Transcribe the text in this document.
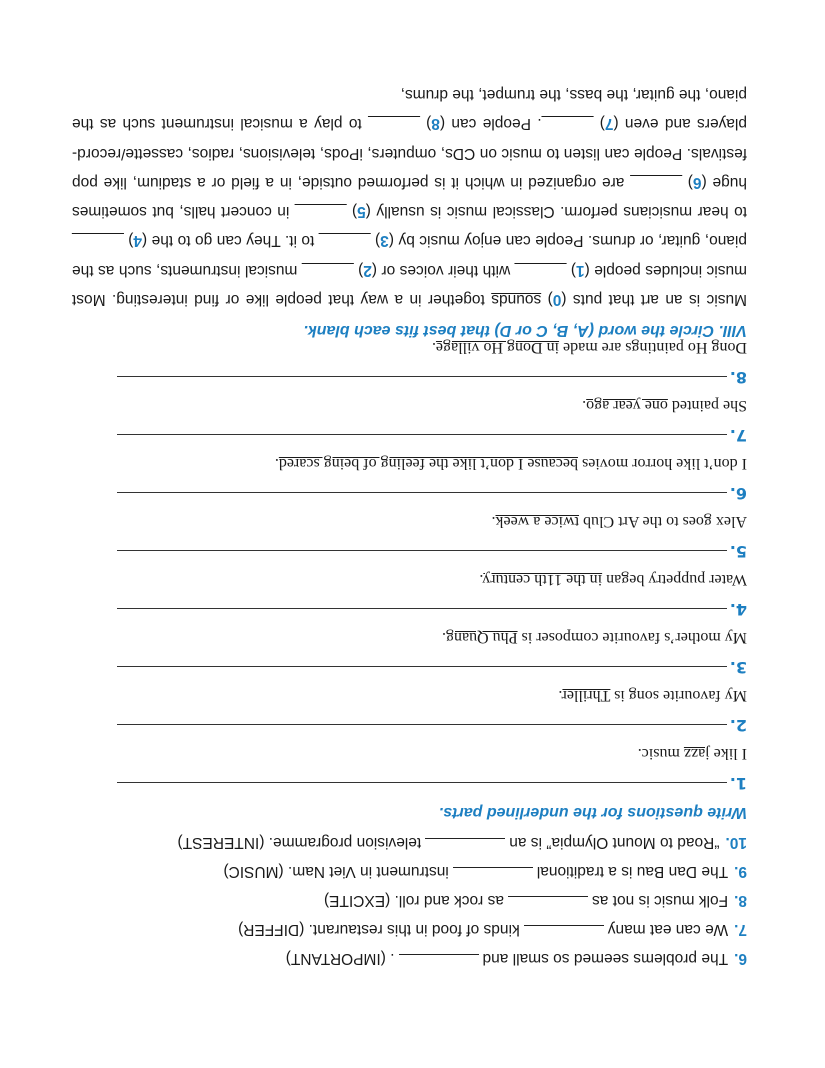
6.The problems seemed so small and. (IMPORTANT)
7.We can eat manykinds of food in this restaurant. (DIFFER)
8.Folk music is not asas rock and roll. (EXCITE)
9.The Dan Bau is a traditionalinstrument in Viet Nam. (MUSIC)
10.“Road to Mount Olympia” is antelevision programme. (INTEREST)
Write questions for the underlined parts.
1.
I like jazz music.
2.
My favourite song is Thriller.
3.
My mother’s favourite composer is Phu Quang.
4.
Water puppetry began in the 11th century.
5.
Alex goes to the Art Club twice a week.
6.
I don’t like horror movies because I don’t like the feeling of being scared.
7.
She painted one year ago.
8.
Dong Ho paintings are made in Dong Ho village.
VIII. Circle the word (A, B, C or D) that best fits each blank.
Music is an art that puts (0) sounds together in a way that people like or find interesting. Most music includes people (1) ______ with their voices or (2) ______ musical instruments, such as the piano, guitar, or drums. People can enjoy music by (3) ______ to it. They can go to the (4) ______ to hear musicians perform. Classical music is usually (5) ______ in concert halls, but sometimes huge (6) ______ are organized in which it is performed outside, in a field or a stadium, like pop festivals. People can listen to music on CDs, omputers, iPods, televisions, radios, cassette/record-players and even (7) ______. People can (8) ______ to play a musical instrument such as the piano, the guitar, the bass, the trumpet, the drums,
